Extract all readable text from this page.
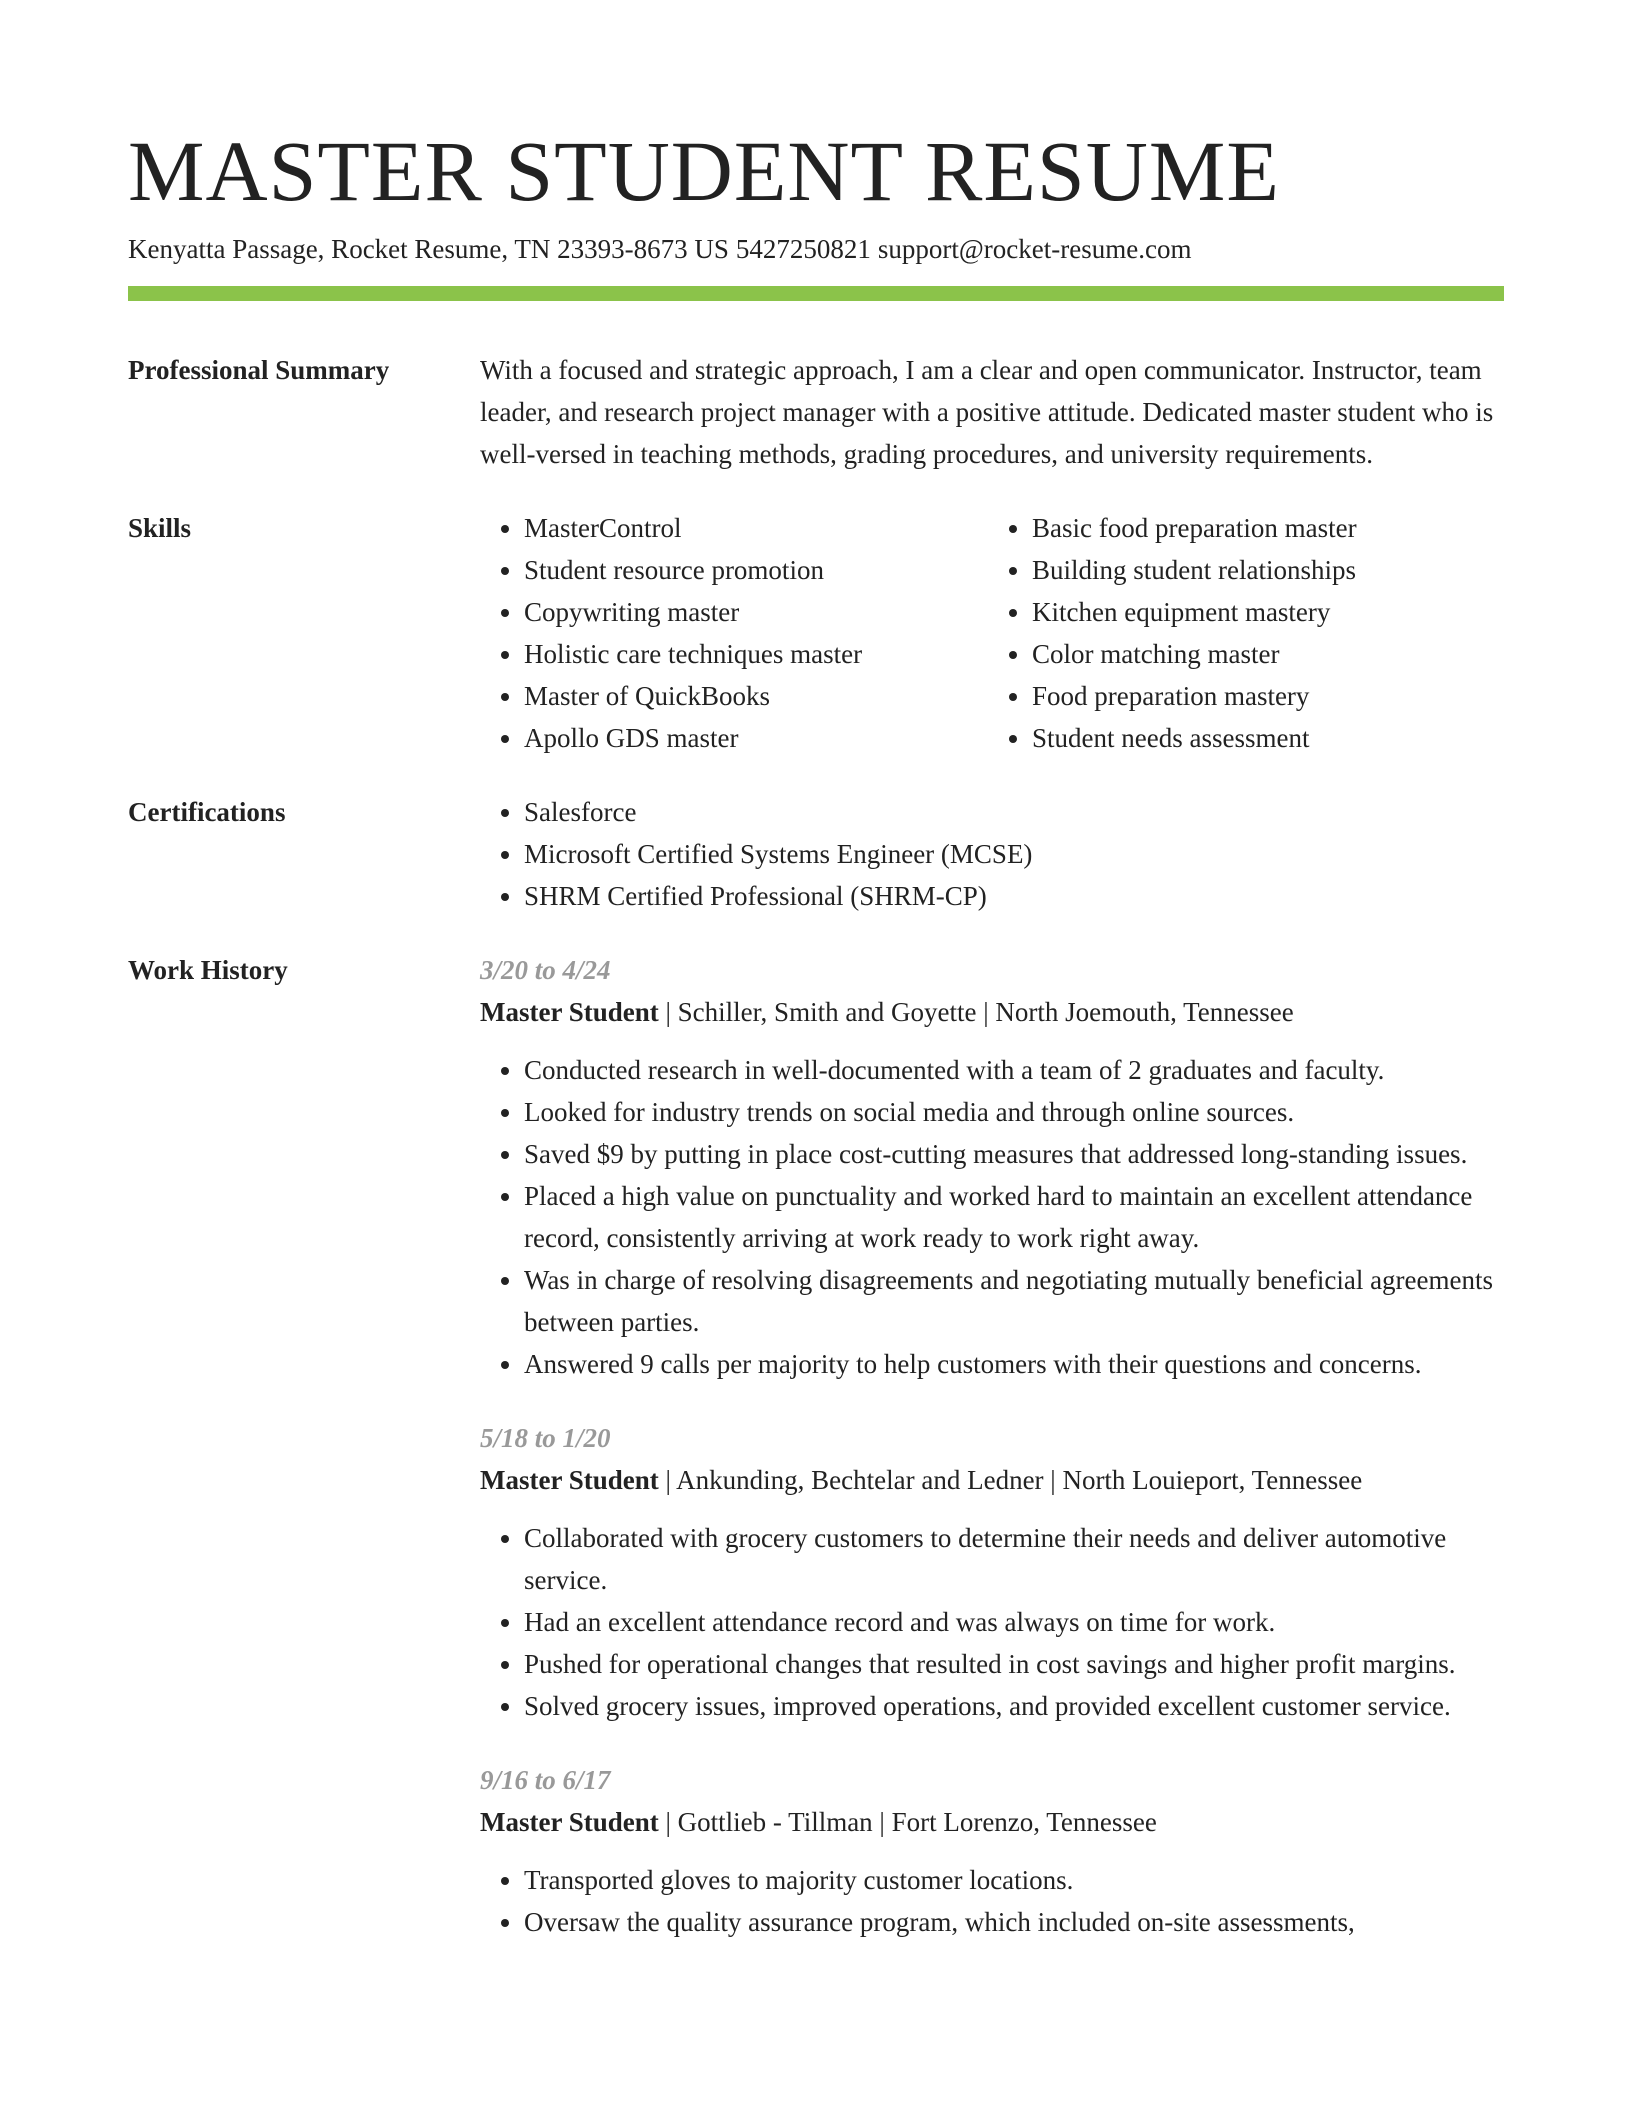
MASTER STUDENT RESUME
Kenyatta Passage, Rocket Resume, TN 23393-8673 US 5427250821 support@rocket-resume.com
Professional Summary	With a focused and strategic approach, I am a clear and open communicator. Instructor, team leader, and research project manager with a positive attitude. Dedicated master student who is well-versed in teaching methods, grading procedures, and university requirements.

Skills	• MasterControl
• Student resource promotion
• Copywriting master
• Holistic care techniques master
• Master of QuickBooks
• Apollo GDS master
• Basic food preparation master
• Building student relationships
• Kitchen equipment mastery
• Color matching master
• Food preparation mastery
• Student needs assessment
Certifications	• Salesforce
• Microsoft Certified Systems Engineer (MCSE)
• SHRM Certified Professional (SHRM-CP)
Work History	3/20 to 4/24
Master Student | Schiller, Smith and Goyette | North Joemouth, Tennessee
• Conducted research in well-documented with a team of 2 graduates and faculty.
• Looked for industry trends on social media and through online sources.
• Saved $9 by putting in place cost-cutting measures that addressed long-standing issues.
• Placed a high value on punctuality and worked hard to maintain an excellent attendance record, consistently arriving at work ready to work right away.
• Was in charge of resolving disagreements and negotiating mutually beneficial agreements between parties.
• Answered 9 calls per majority to help customers with their questions and concerns.
5/18 to 1/20
Master Student | Ankunding, Bechtelar and Ledner | North Louieport, Tennessee
• Collaborated with grocery customers to determine their needs and deliver automotive service.
• Had an excellent attendance record and was always on time for work.
• Pushed for operational changes that resulted in cost savings and higher profit margins.
• Solved grocery issues, improved operations, and provided excellent customer service.
9/16 to 6/17
Master Student | Gottlieb - Tillman | Fort Lorenzo, Tennessee
• Transported gloves to majority customer locations.
• Oversaw the quality assurance program, which included on-site assessments,
